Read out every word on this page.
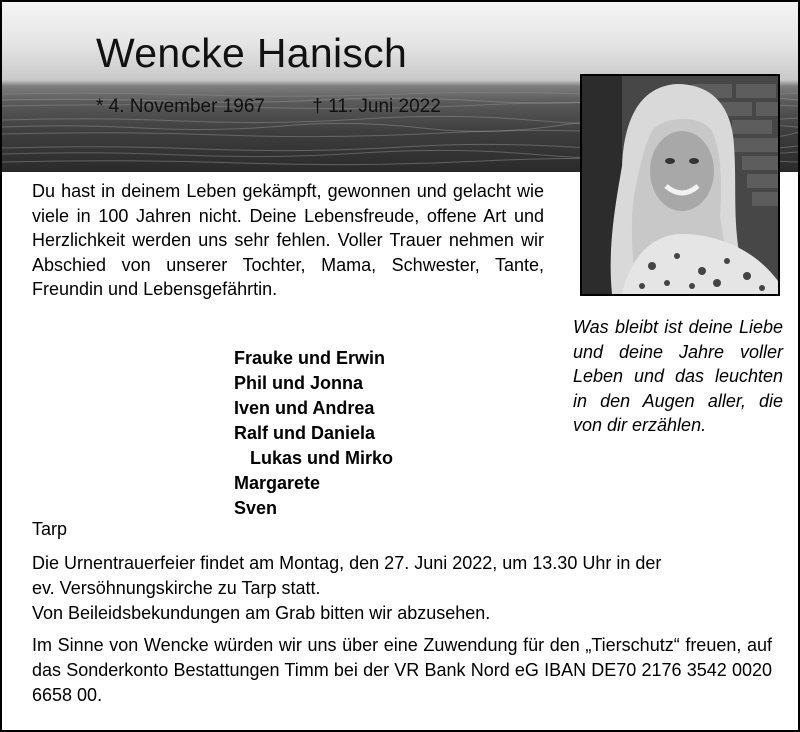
Wencke Hanisch
* 4. November 1967 † 11. Juni 2022

Du hast in deinem Leben gekämpft, gewonnen und gelacht wie viele in 100 Jahren nicht. Deine Lebensfreude, offene Art und Herzlichkeit werden uns sehr fehlen. Voller Trauer nehmen wir Abschied von unserer Tochter, Mama, Schwester, Tante, Freundin und Lebensgefährtin.

Was bleibt ist deine Liebe und deine Jahre voller Leben und das leuchten in den Augen aller, die von dir erzählen.
Frauke und Erwin
Phil und Jonna
Iven und Andrea
Ralf und Daniela
Lukas und Mirko
Margarete
Sven
Tarp
Die Urnentrauerfeier findet am Montag, den 27. Juni 2022, um 13.30 Uhr in der
ev. Versöhnungskirche zu Tarp statt.
Von Beileidsbekundungen am Grab bitten wir abzusehen.
Im Sinne von Wencke würden wir uns über eine Zuwendung für den „Tierschutz“ freuen, auf das Sonderkonto Bestattungen Timm bei der VR Bank Nord eG IBAN DE70 2176 3542 0020 6658 00.
